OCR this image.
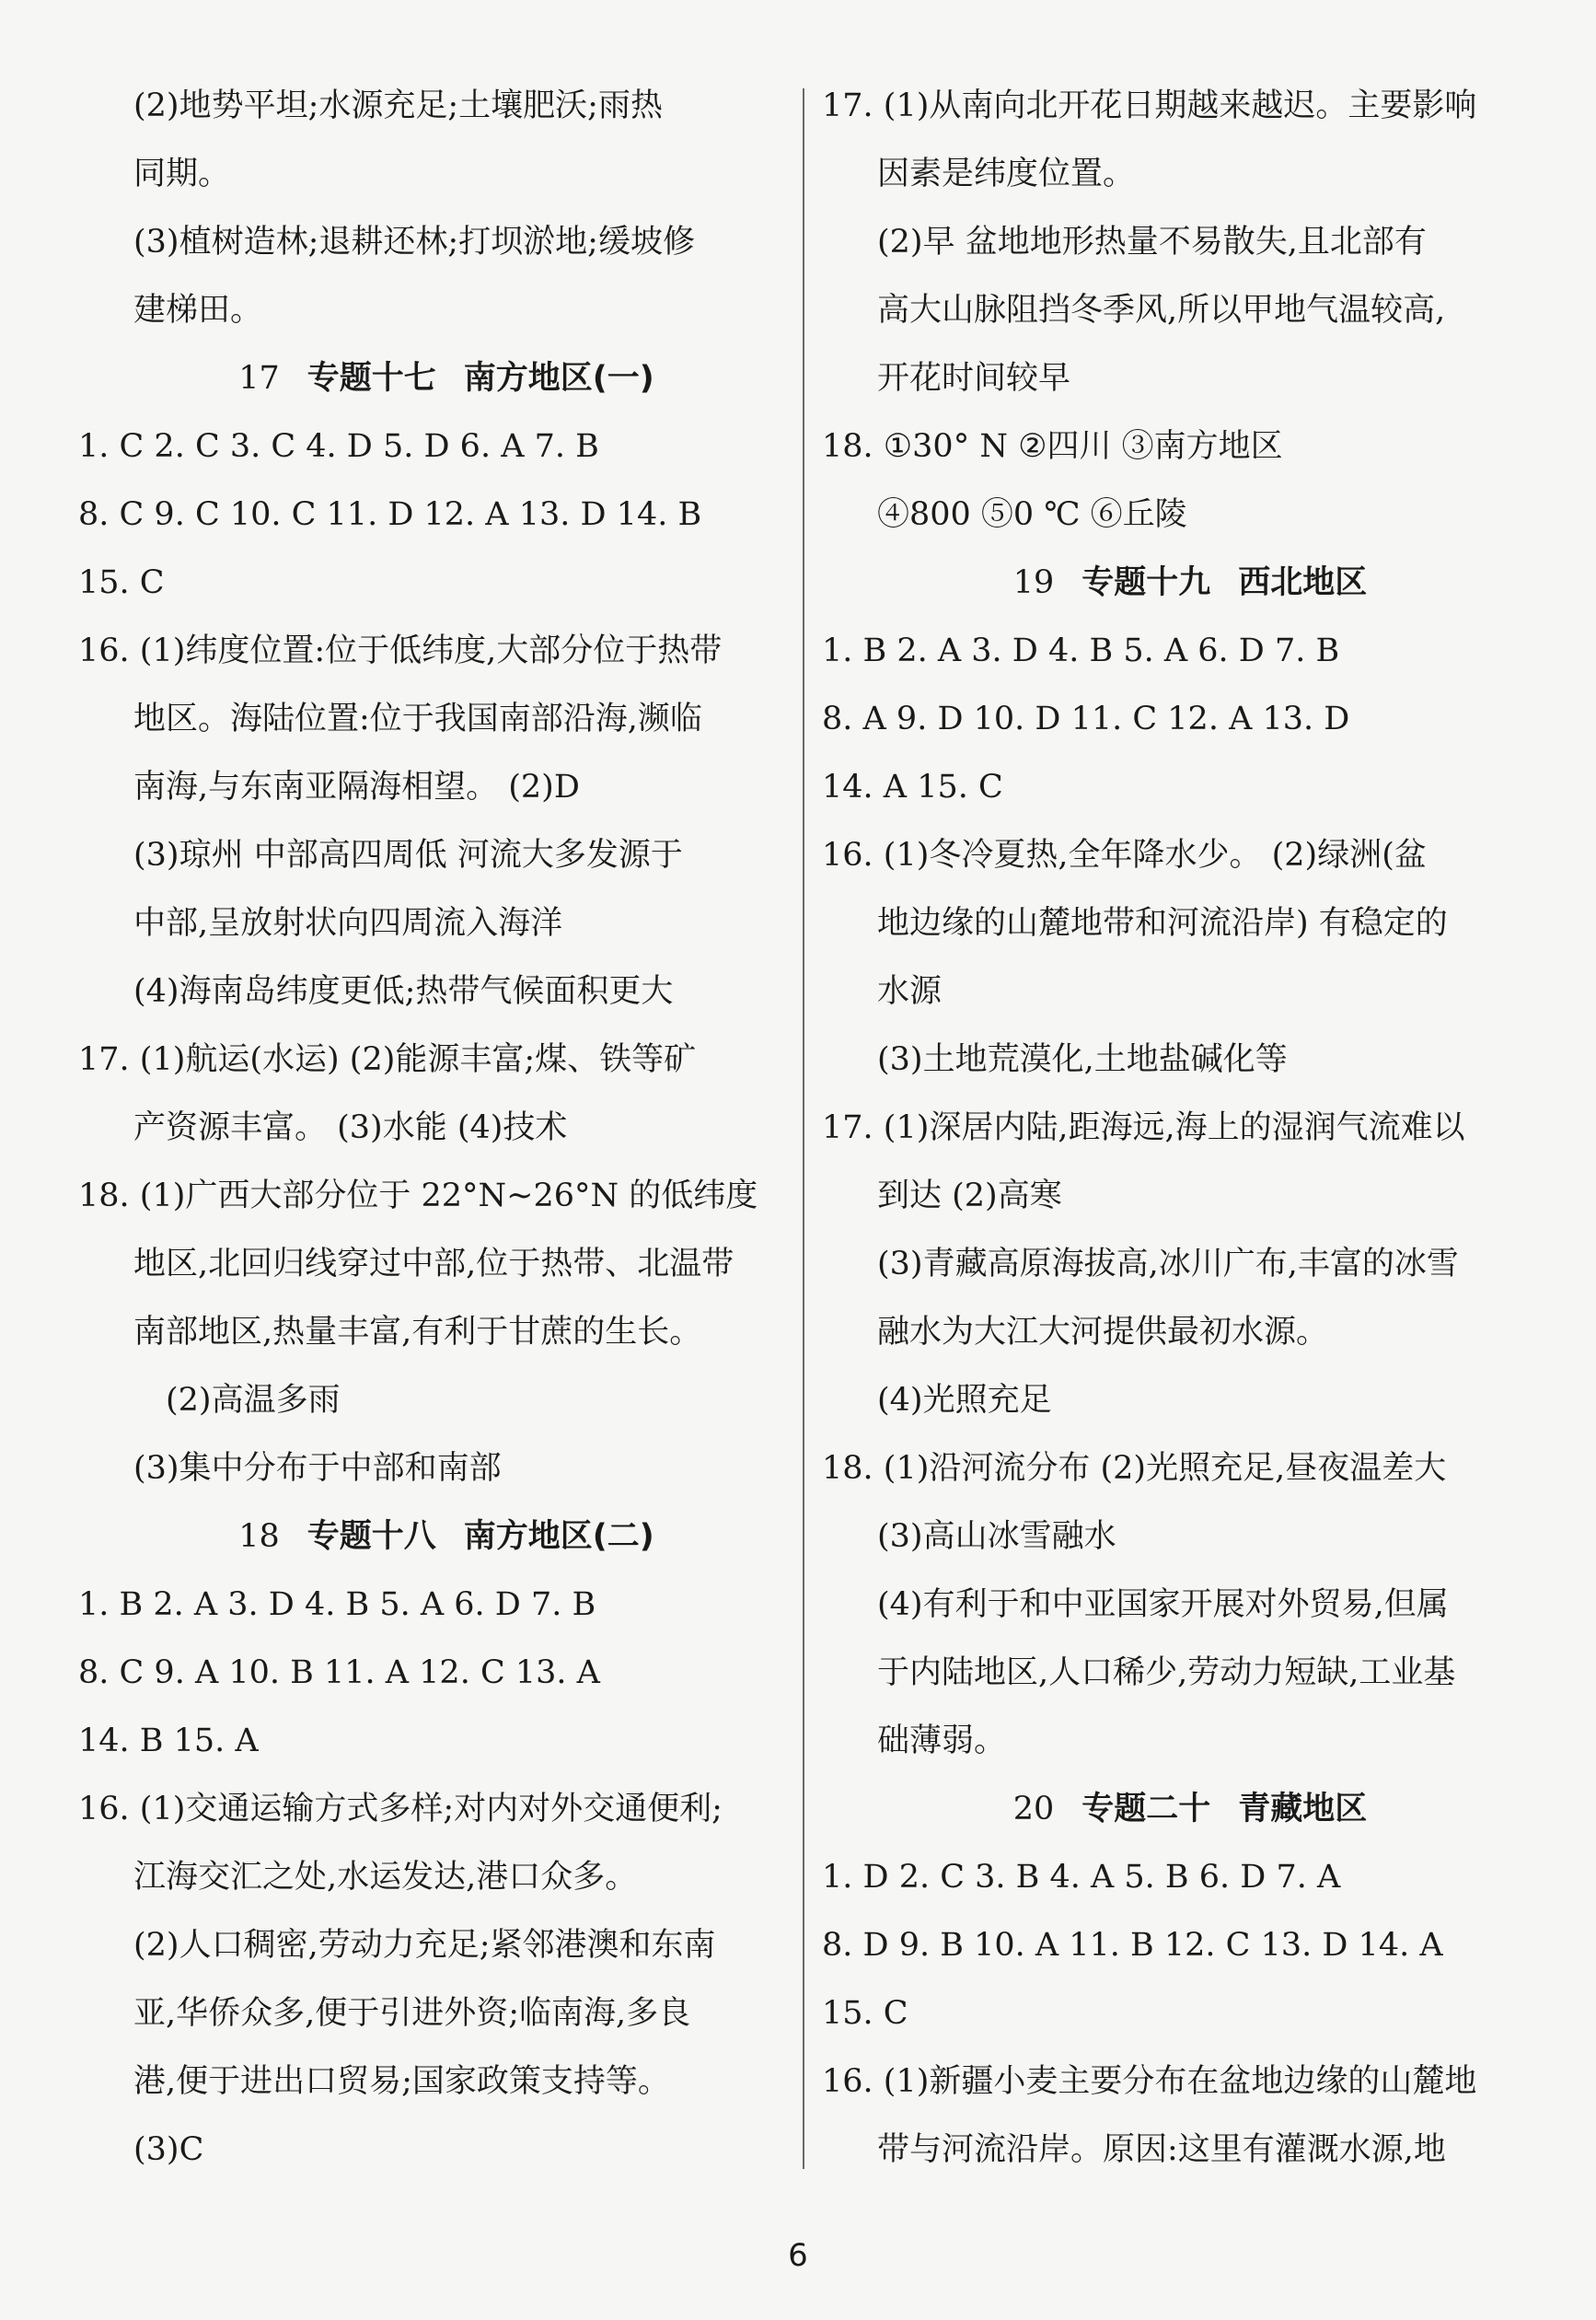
(2)地势平坦;水源充足;土壤肥沃;雨热
同期。
(3)植树造林;退耕还林;打坝淤地;缓坡修
建梯田。
17 专题十七 南方地区(一)
1. C 2. C 3. C 4. D 5. D 6. A 7. B
8. C 9. C 10. C 11. D 12. A 13. D 14. B
15. C
16. (1)纬度位置:位于低纬度,大部分位于热带
地区。海陆位置:位于我国南部沿海,濒临
南海,与东南亚隔海相望。 (2)D
(3)琼州 中部高四周低 河流大多发源于
中部,呈放射状向四周流入海洋
(4)海南岛纬度更低;热带气候面积更大
17. (1)航运(水运) (2)能源丰富;煤、铁等矿
产资源丰富。 (3)水能 (4)技术
18. (1)广西大部分位于 22°N~26°N 的低纬度
地区,北回归线穿过中部,位于热带、北温带
南部地区,热量丰富,有利于甘蔗的生长。
(2)高温多雨
(3)集中分布于中部和南部
18 专题十八 南方地区(二)
1. B 2. A 3. D 4. B 5. A 6. D 7. B
8. C 9. A 10. B 11. A 12. C 13. A
14. B 15. A
16. (1)交通运输方式多样;对内对外交通便利;
江海交汇之处,水运发达,港口众多。
(2)人口稠密,劳动力充足;紧邻港澳和东南
亚,华侨众多,便于引进外资;临南海,多良
港,便于进出口贸易;国家政策支持等。
(3)C
17. (1)从南向北开花日期越来越迟。主要影响
因素是纬度位置。
(2)早 盆地地形热量不易散失,且北部有
高大山脉阻挡冬季风,所以甲地气温较高,
开花时间较早
18. ①30° N ②四川 ③南方地区
④800 ⑤0 ℃ ⑥丘陵
19 专题十九 西北地区
1. B 2. A 3. D 4. B 5. A 6. D 7. B
8. A 9. D 10. D 11. C 12. A 13. D
14. A 15. C
16. (1)冬冷夏热,全年降水少。 (2)绿洲(盆
地边缘的山麓地带和河流沿岸) 有稳定的
水源
(3)土地荒漠化,土地盐碱化等
17. (1)深居内陆,距海远,海上的湿润气流难以
到达 (2)高寒
(3)青藏高原海拔高,冰川广布,丰富的冰雪
融水为大江大河提供最初水源。
(4)光照充足
18. (1)沿河流分布 (2)光照充足,昼夜温差大
(3)高山冰雪融水
(4)有利于和中亚国家开展对外贸易,但属
于内陆地区,人口稀少,劳动力短缺,工业基
础薄弱。
20 专题二十 青藏地区
1. D 2. C 3. B 4. A 5. B 6. D 7. A
8. D 9. B 10. A 11. B 12. C 13. D 14. A
15. C
16. (1)新疆小麦主要分布在盆地边缘的山麓地
带与河流沿岸。原因:这里有灌溉水源,地
6
